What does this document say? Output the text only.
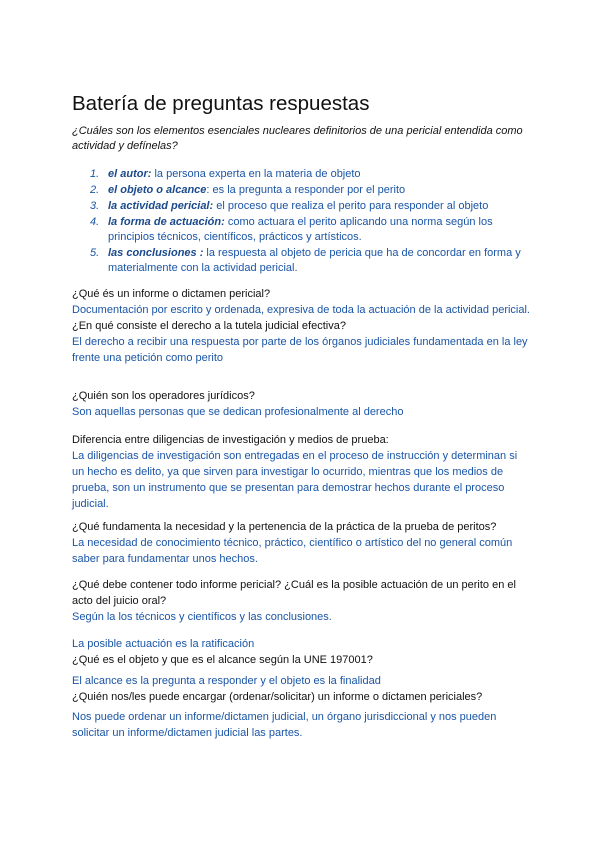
Batería de preguntas respuestas
¿Cuáles son los elementos esenciales nucleares definitorios de una pericial entendida como actividad y defínelas?
1. el autor: la persona experta en la materia de objeto
2. el objeto o alcance: es la pregunta a responder por el perito
3. la actividad pericial: el proceso que realiza el perito para responder al objeto
4. la forma de actuación: como actuara el perito aplicando una norma según los principios técnicos, científicos, prácticos y artísticos.
5. las conclusiones : la respuesta al objeto de pericia que ha de concordar en forma y materialmente con la actividad pericial.
¿Qué és un informe o dictamen pericial?
Documentación por escrito y ordenada, expresiva de toda la actuación de la actividad pericial.
¿En qué consiste el derecho a la tutela judicial efectiva?
El derecho a recibir una respuesta por parte de los órganos judiciales fundamentada en la ley frente una petición como perito
¿Quién son los operadores jurídicos?
Son aquellas personas que se dedican profesionalmente al derecho
Diferencia entre diligencias de investigación y medios de prueba:
La diligencias de investigación son entregadas en el proceso de instrucción y determinan si un hecho es delito, ya que sirven para investigar lo ocurrido, mientras que los medios de prueba, son un instrumento que se presentan para demostrar hechos durante el proceso judicial.
¿Qué fundamenta la necesidad y la pertenencia de la práctica de la prueba de peritos?
La necesidad de conocimiento técnico, práctico, científico o artístico del no general común saber para fundamentar unos hechos.
¿Qué debe contener todo informe pericial? ¿Cuál es la posible actuación de un perito en el acto del juicio oral?
Según la los técnicos y científicos y las conclusiones.
La posible actuación es la ratificación
¿Qué es el objeto y que es el alcance según la UNE 197001?
El alcance es la pregunta a responder y el objeto es la finalidad
¿Quién nos/les puede encargar (ordenar/solicitar) un informe o dictamen periciales?
Nos puede ordenar un informe/dictamen judicial, un órgano jurisdiccional y nos pueden solicitar un informe/dictamen judicial las partes.
